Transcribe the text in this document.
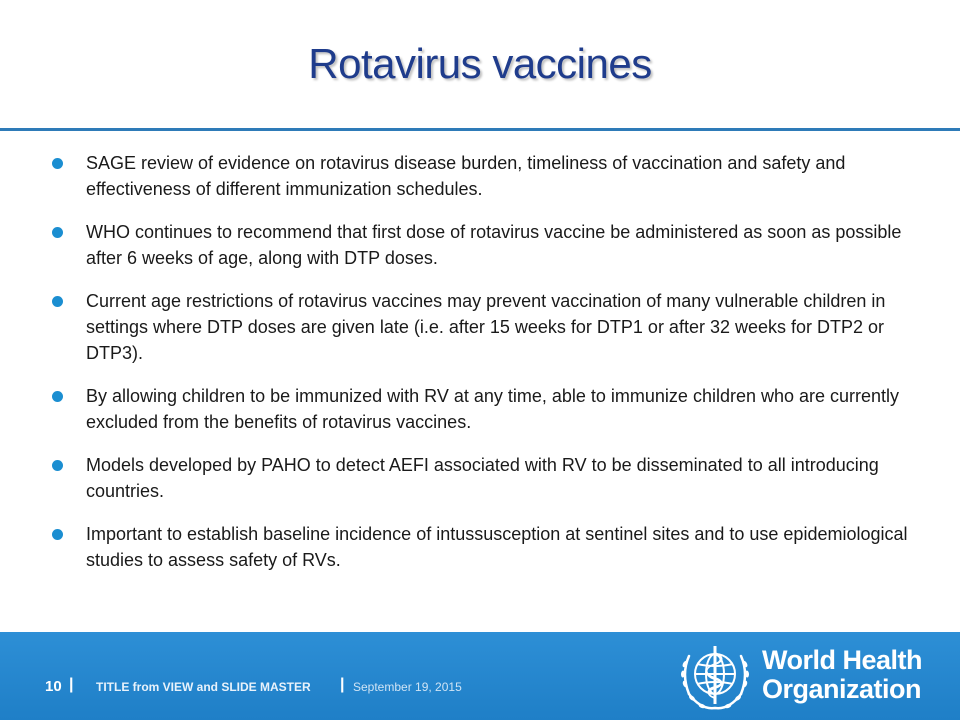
Rotavirus vaccines
SAGE review of evidence on rotavirus disease burden, timeliness of vaccination and safety and effectiveness of different immunization schedules.
WHO continues to recommend that first dose of rotavirus vaccine be administered as soon as possible after 6 weeks of age, along with DTP doses.
Current age restrictions of rotavirus vaccines may prevent vaccination of many vulnerable children in settings where DTP doses are given late (i.e. after 15 weeks for DTP1 or after 32 weeks for DTP2 or DTP3).
By allowing children to be immunized with RV at any time, able to immunize children who are currently excluded from the benefits of rotavirus vaccines.
Models developed by PAHO to detect AEFI associated with RV to be disseminated to all introducing countries.
Important to establish baseline incidence of intussusception at sentinel sites and to use epidemiological studies to assess safety of RVs.
10 | TITLE from VIEW and SLIDE MASTER | September 19, 2015
World Health
Organization
